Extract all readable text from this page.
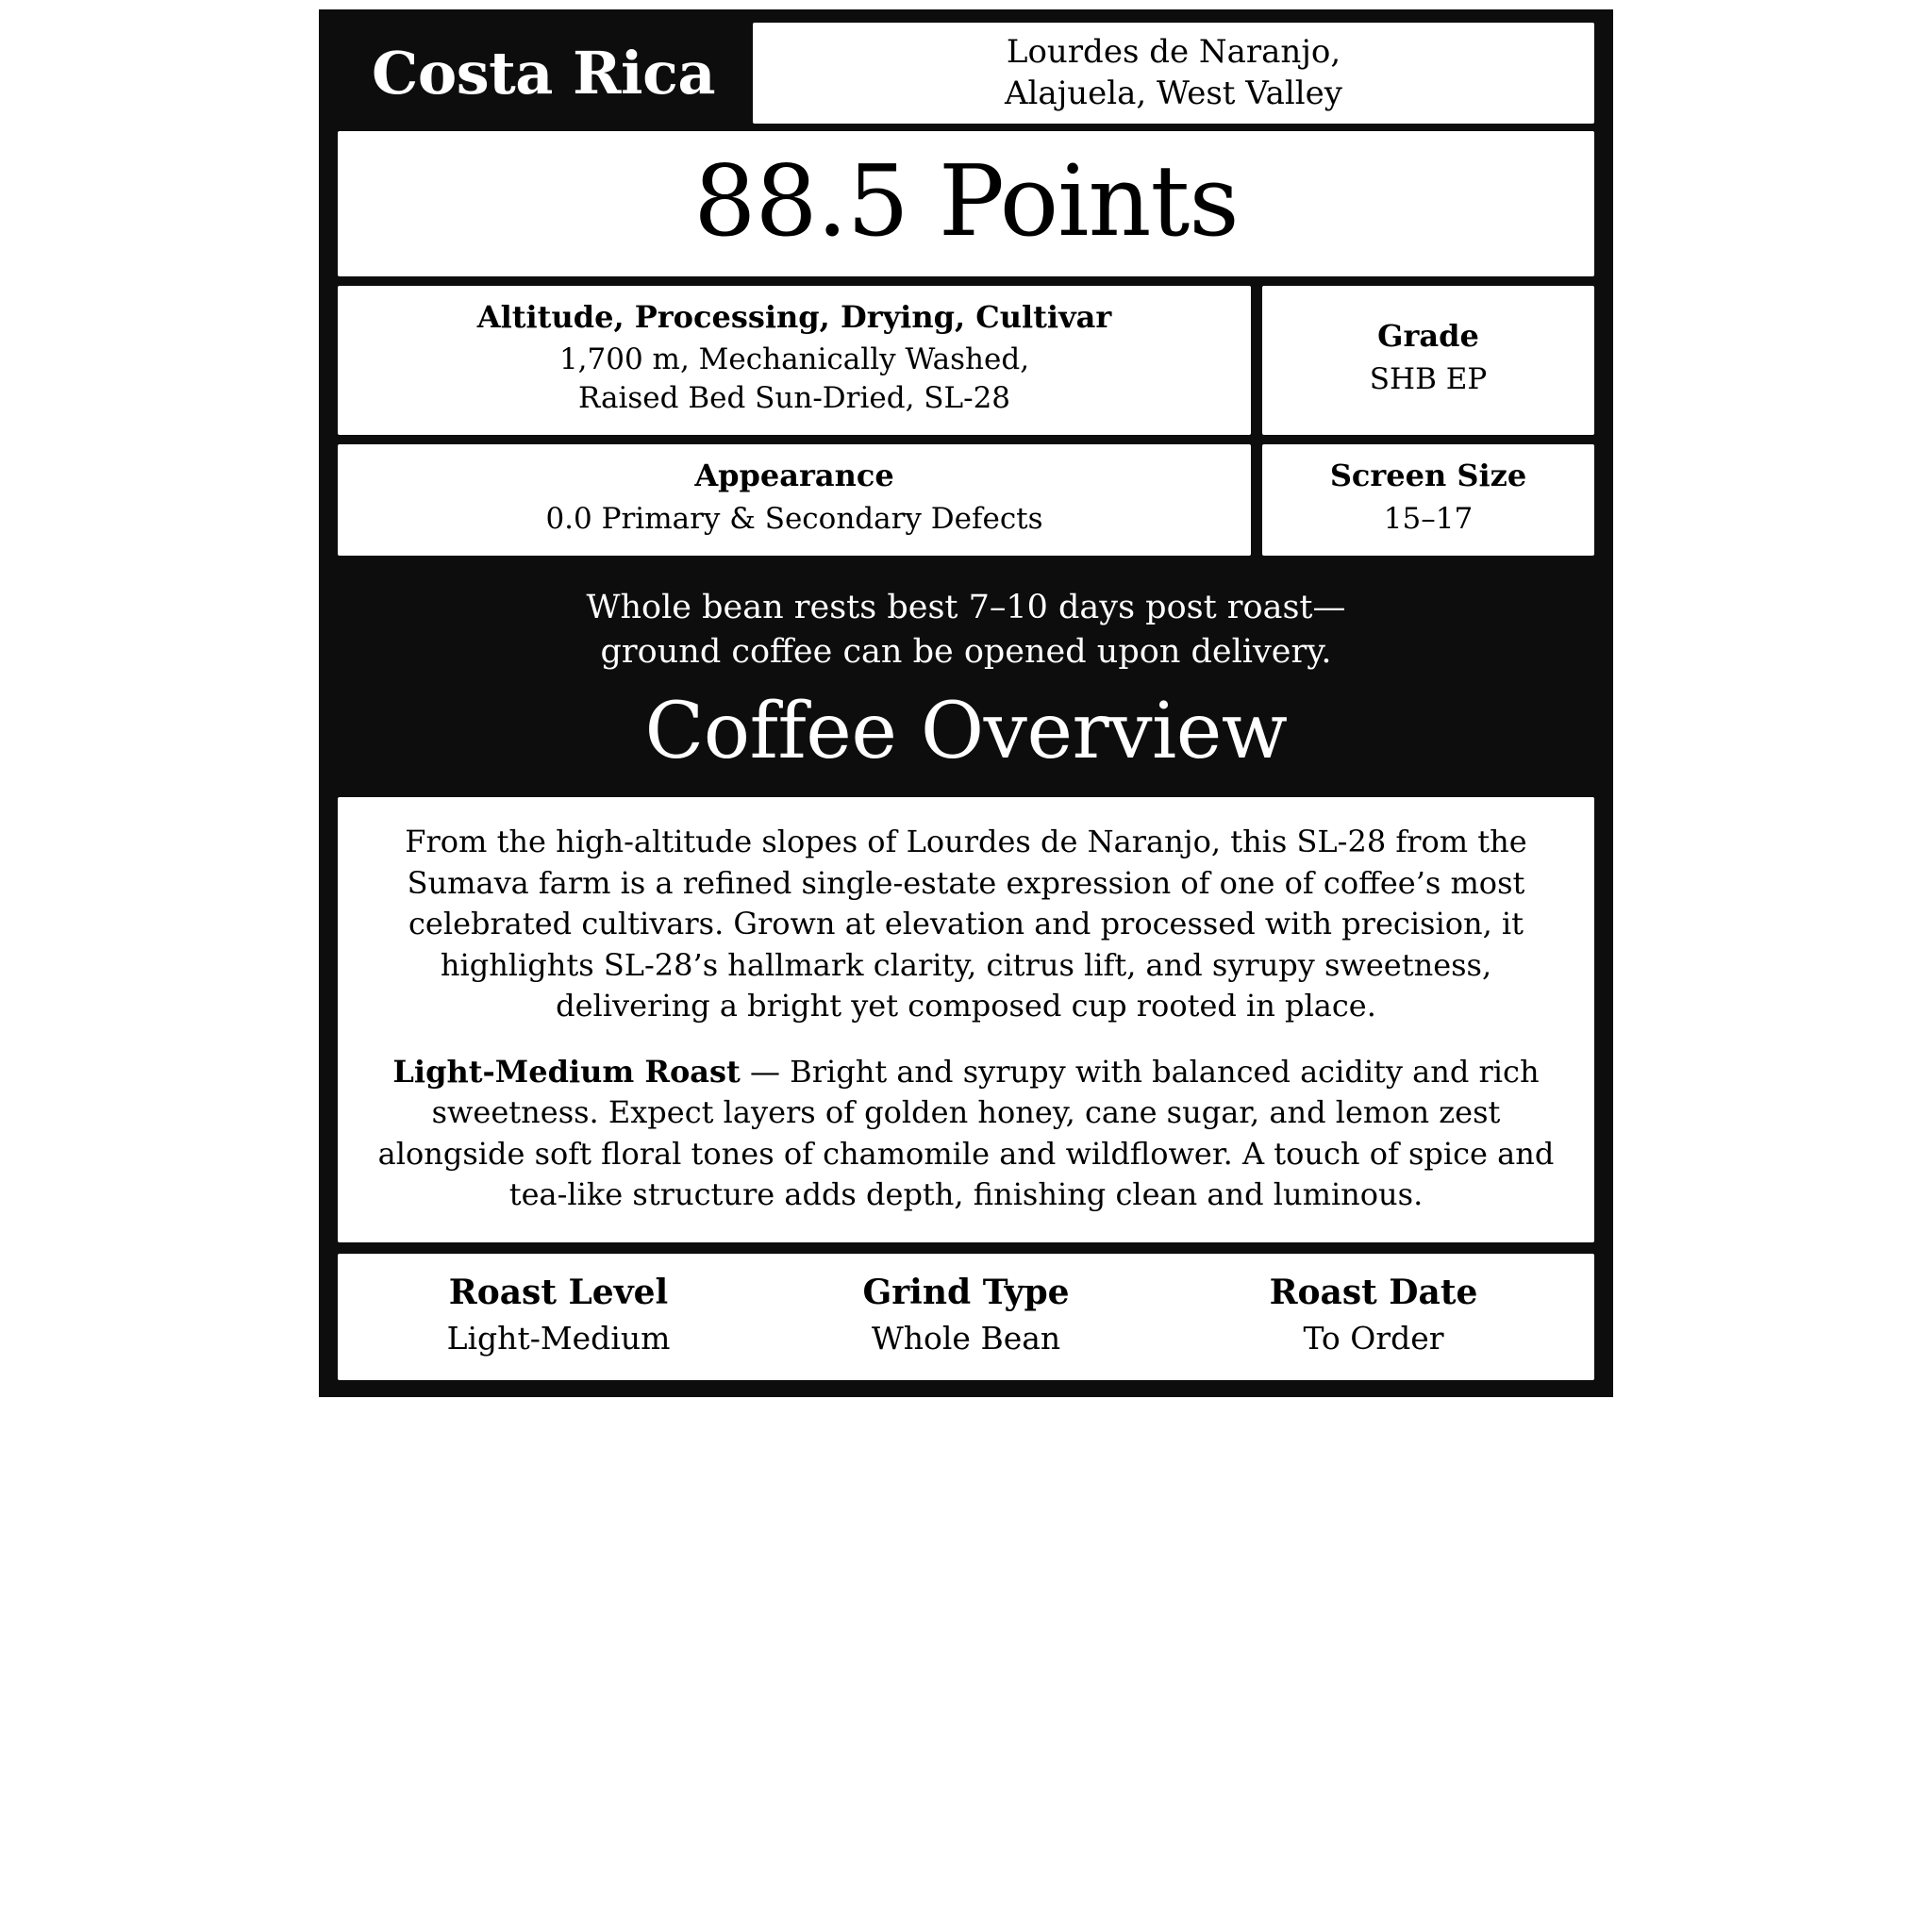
Costa Rica	Lourdes de Naranjo,
Alajuela, West Valley
88.5 Points
Altitude, Processing, Drying, Cultivar
1,700 m, Mechanically Washed,
Raised Bed Sun-Dried, SL-28
Grade
SHB EP
Appearance
0.0 Primary & Secondary Defects
Screen Size
15–17
Whole bean rests best 7–10 days post roast—
ground coffee can be opened upon delivery.
Coffee Overview

From the high-altitude slopes of Lourdes de Naranjo, this SL-28 from the Sumava farm is a refined single-estate expression of one of coffee’s most celebrated cultivars. Grown at elevation and processed with precision, it highlights SL-28’s hallmark clarity, citrus lift, and syrupy sweetness, delivering a bright yet composed cup rooted in place.

Light-Medium Roast — Bright and syrupy with balanced acidity and rich sweetness. Expect layers of golden honey, cane sugar, and lemon zest alongside soft floral tones of chamomile and wildflower. A touch of spice and tea-like structure adds depth, finishing clean and luminous.

Roast Level
Light-Medium
Grind Type
Whole Bean
Roast Date
To Order
